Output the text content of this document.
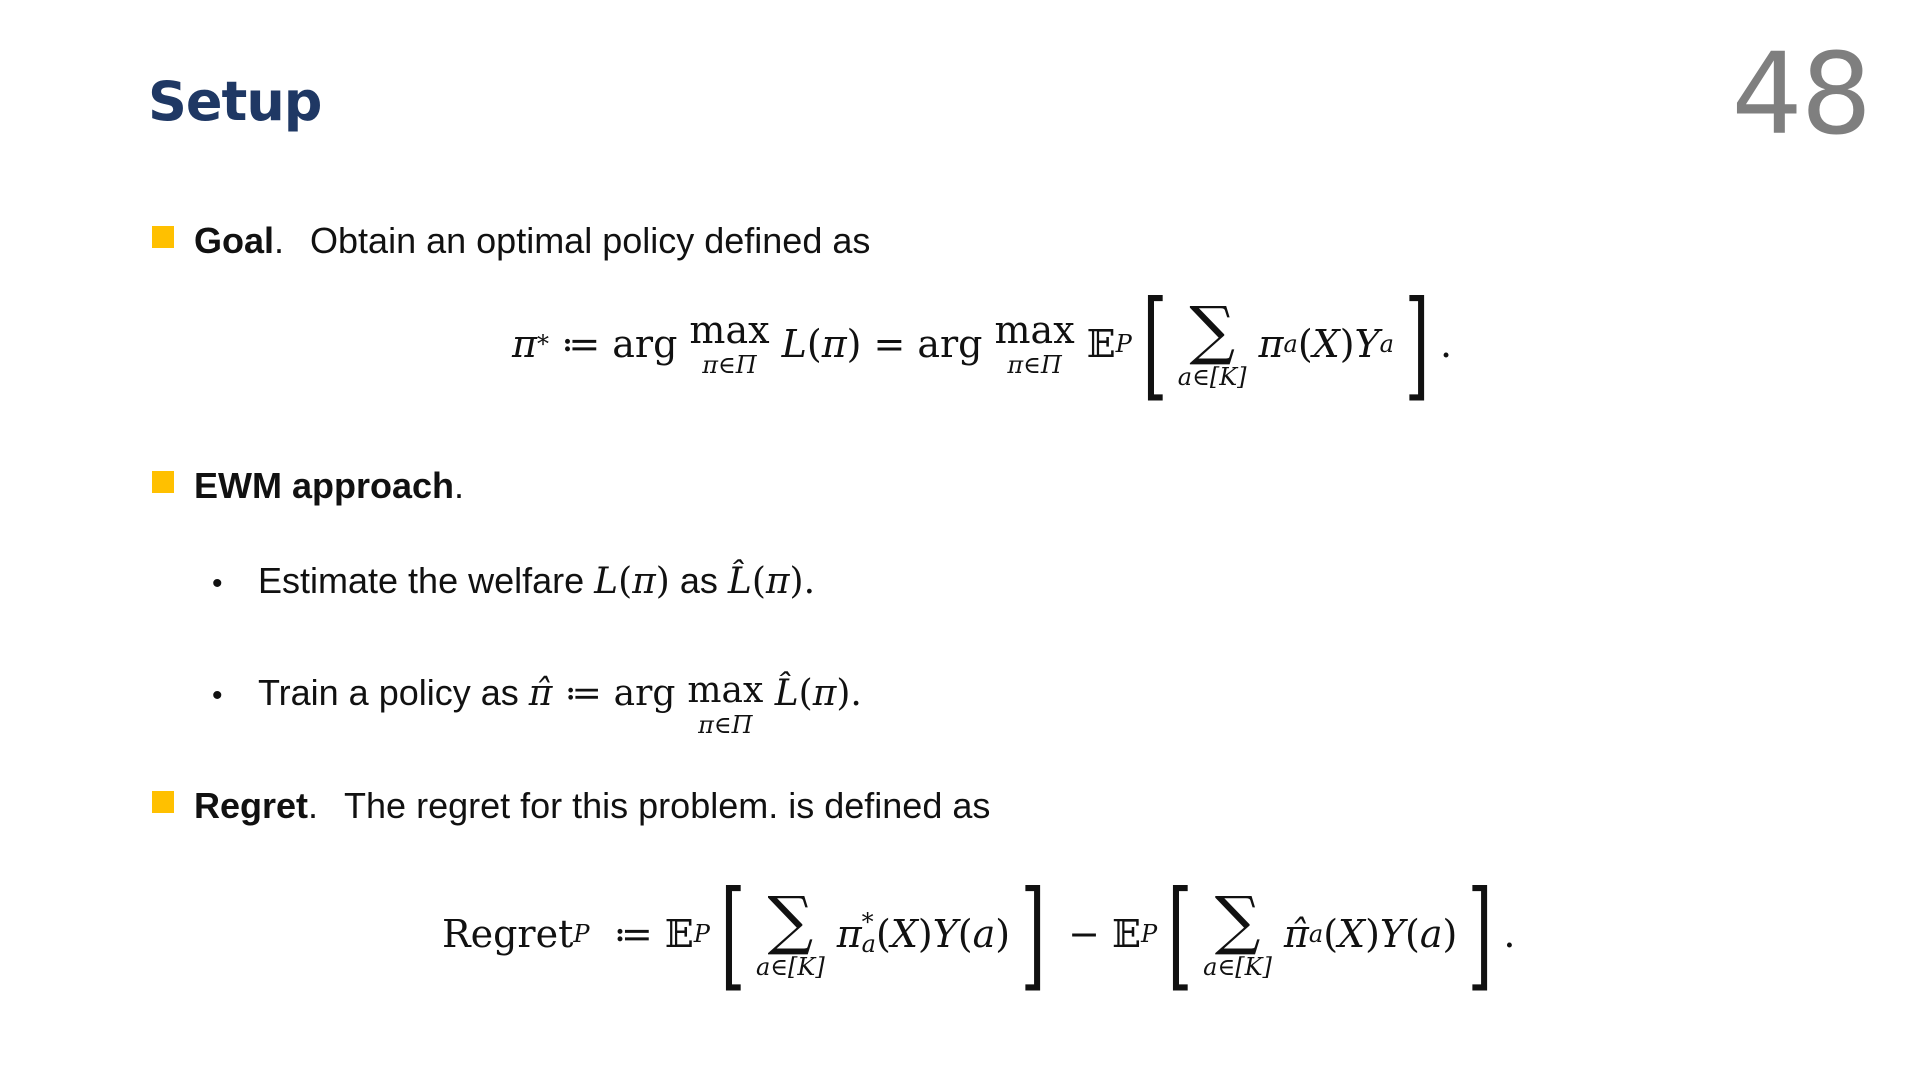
Setup	48
Goal . Obtain an optimal policy defined as
π * ≔ arg max
π∈Π L ( π ) = arg max
π∈Π 𝔼 P [ ∑
a∈[K]
π a ( X ) Y a ] .
EWM approach .
• Estimate the welfare
L ( π )
as
L̂ ( π ).
• Train a policy as
π̂ ≔ arg max
π∈Π
L̂ ( π ).
Regret . The regret for this problem. is defined as
Regret P ≔ 𝔼 P [ ∑
a∈[K]
π *
a ( X ) Y ( a ) ] − 𝔼 P [ ∑
a∈[K]
π̂ a ( X ) Y ( a ) ] .
